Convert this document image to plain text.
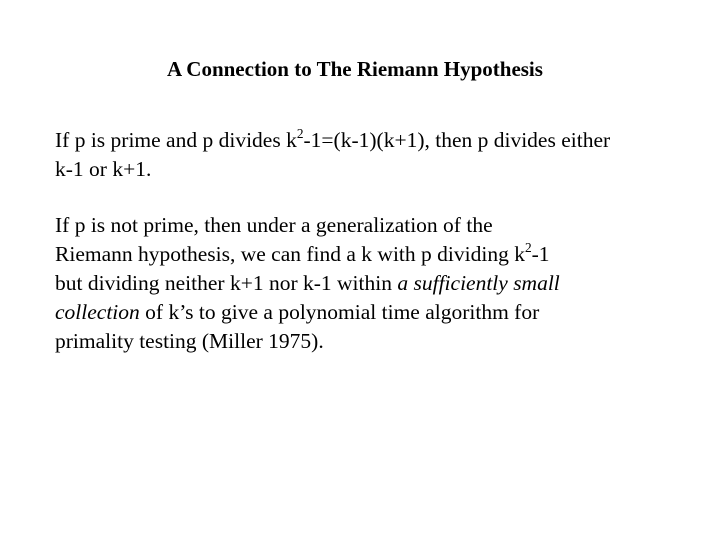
A Connection to The Riemann Hypothesis
If p is prime and p divides $k^2-1=(k-1)(k+1)$, then p divides either
k-1 or k+1.
If p is not prime, then under a generalization of the
Riemann hypothesis, we can find a k with p dividing $k^2-1$
but dividing neither k+1 nor k-1 within a sufficiently small
collection of k’s to give a polynomial time algorithm for
primality testing (Miller 1975).
